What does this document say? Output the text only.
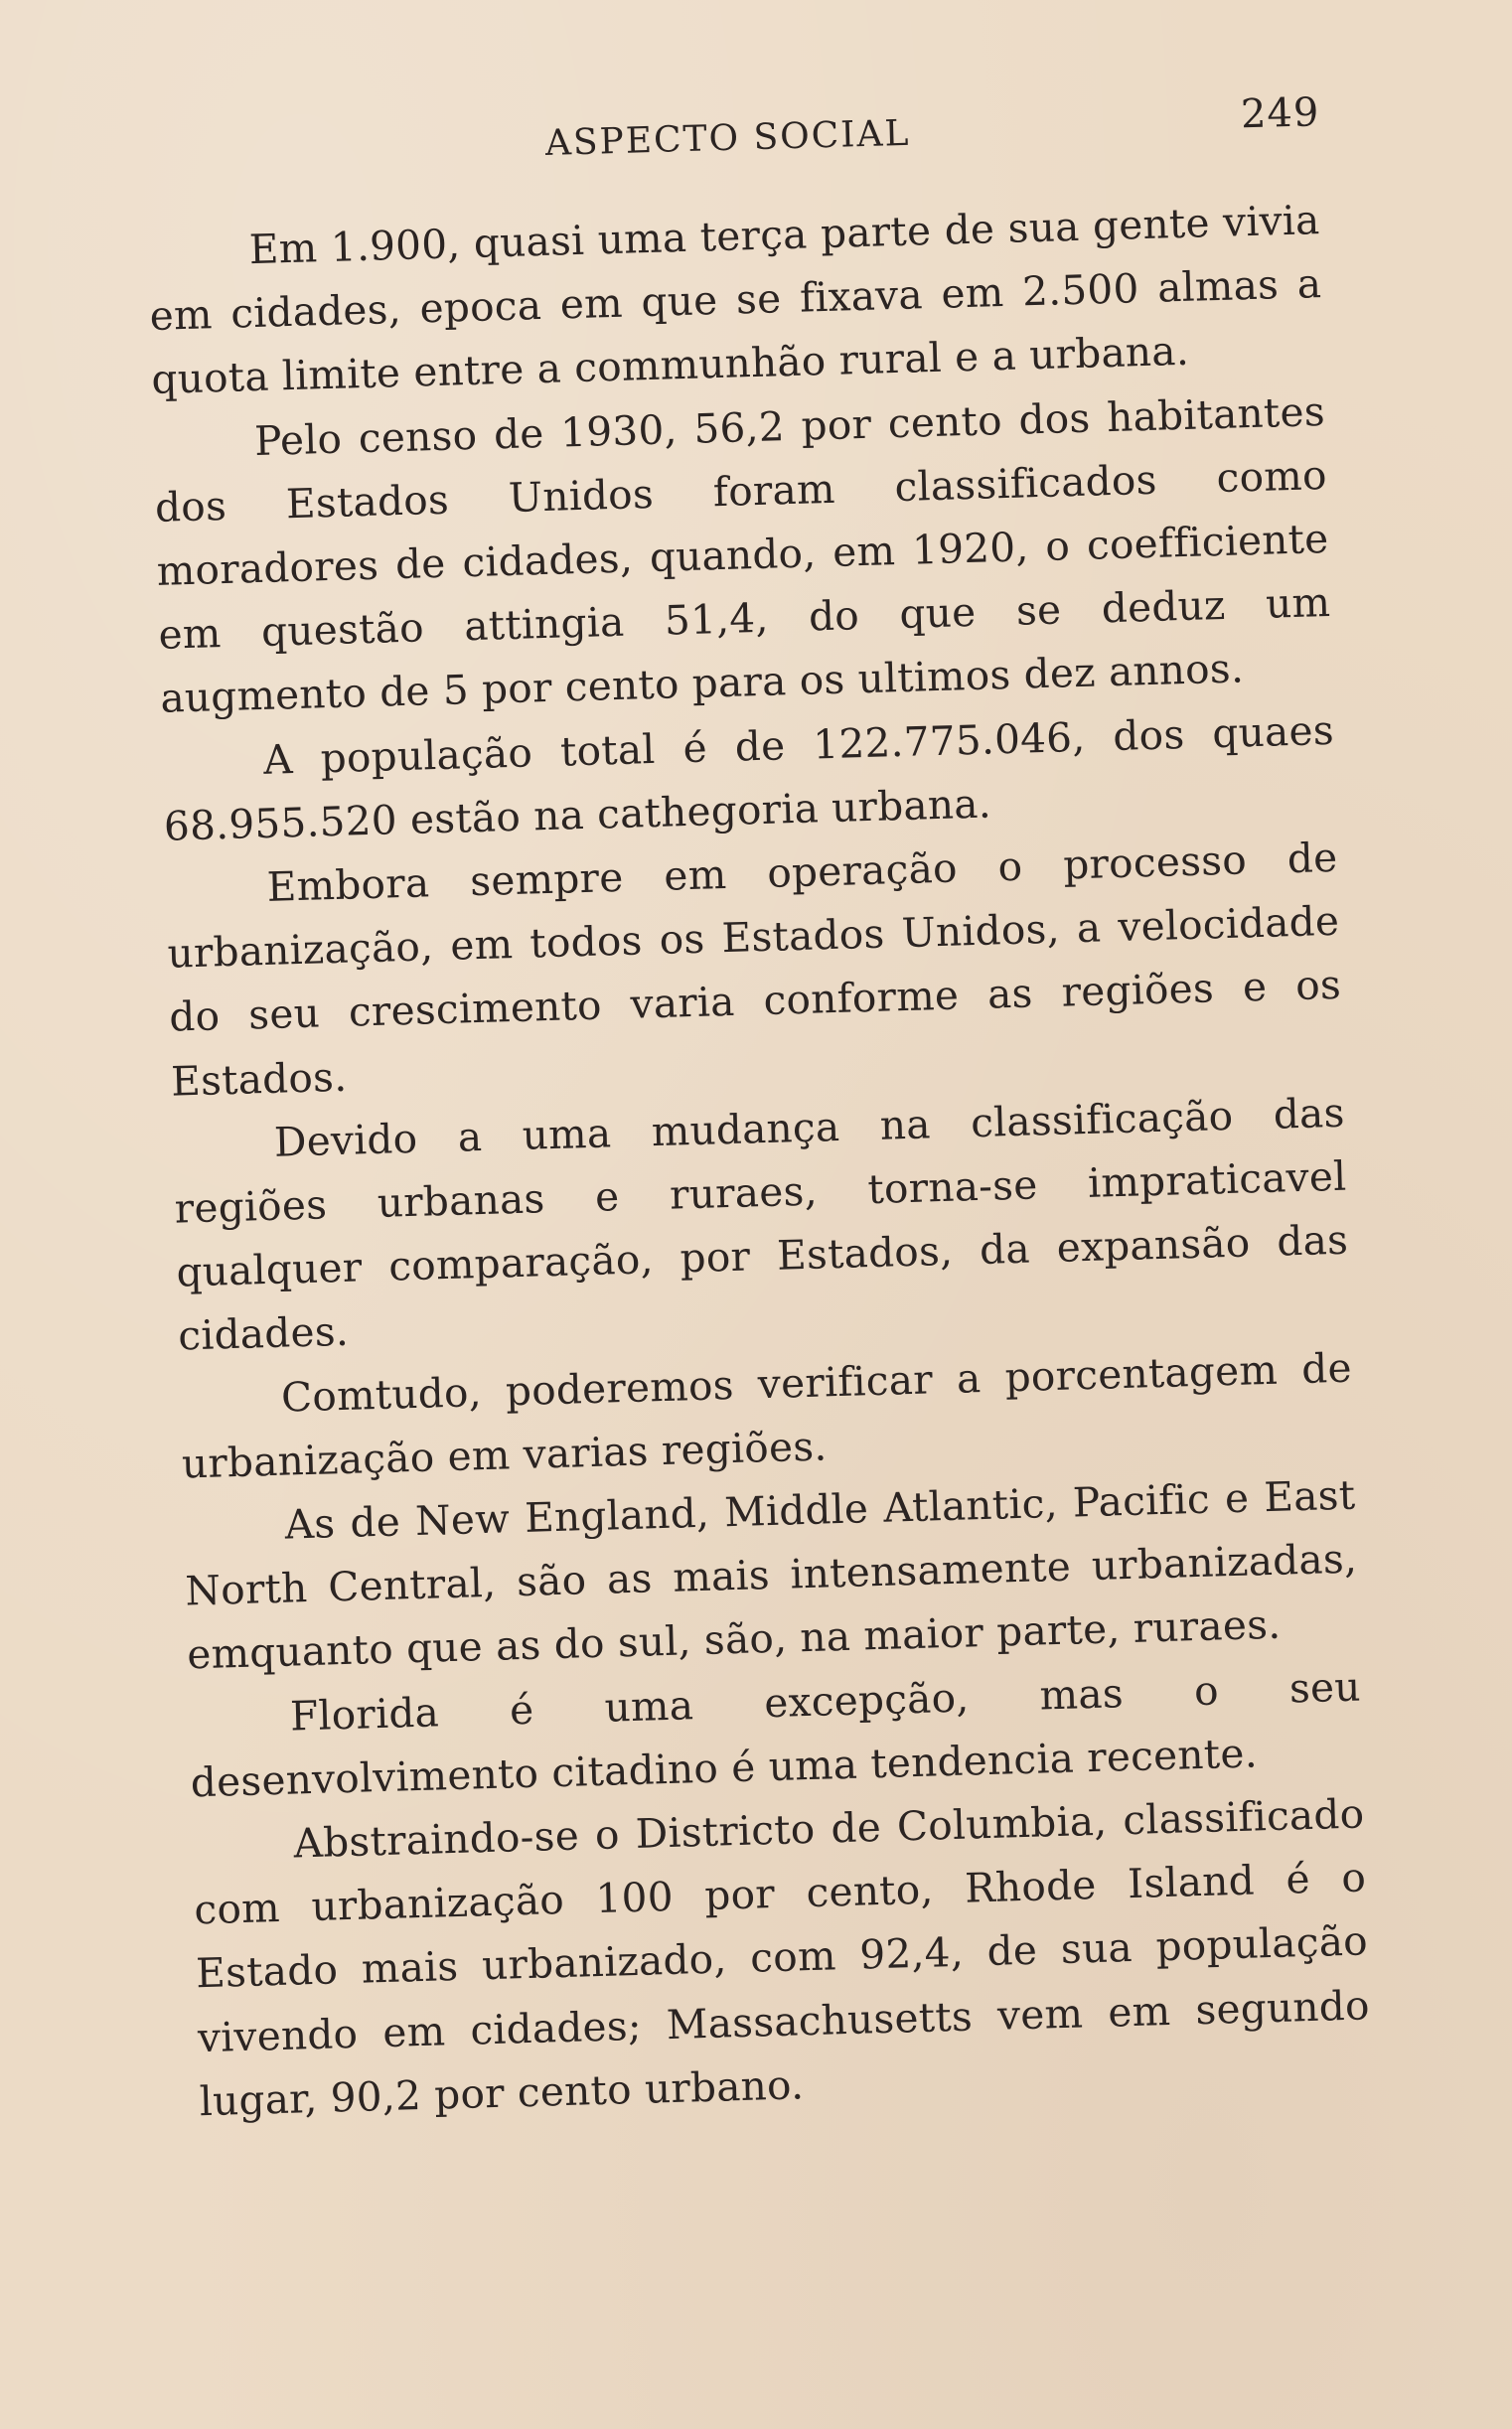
ASPECTO SOCIAL	249

Em 1.900, quasi uma terça parte de sua gente vivia em cidades, epoca em que se fixava em 2.500 almas a quota limite entre a communhão rural e a urbana.

Pelo censo de 1930, 56,2 por cento dos habitantes dos Estados Unidos foram classificados como moradores de cidades, quando, em 1920, o coefficiente em questão attingia 51,4, do que se deduz um augmento de 5 por cento para os ultimos dez annos.

A população total é de 122.775.046, dos quaes 68.955.520 estão na cathegoria urbana.

Embora sempre em operação o processo de urbanização, em todos os Estados Unidos, a velocidade do seu crescimento varia conforme as regiões e os Estados.

Devido a uma mudança na classificação das regiões urbanas e ruraes, torna-se impraticavel qualquer comparação, por Estados, da expansão das cidades.

Comtudo, poderemos verificar a porcentagem de urbanização em varias regiões.

As de New England, Middle Atlantic, Pacific e East North Central, são as mais intensamente urbanizadas, emquanto que as do sul, são, na maior parte, ruraes.

Florida é uma excepção, mas o seu desenvolvimento citadino é uma tendencia recente.

Abstraindo-se o Districto de Columbia, classificado com urbanização 100 por cento, Rhode Island é o Estado mais urbanizado, com 92,4, de sua população vivendo em cidades; Massachusetts vem em segundo lugar, 90,2 por cento urbano.
